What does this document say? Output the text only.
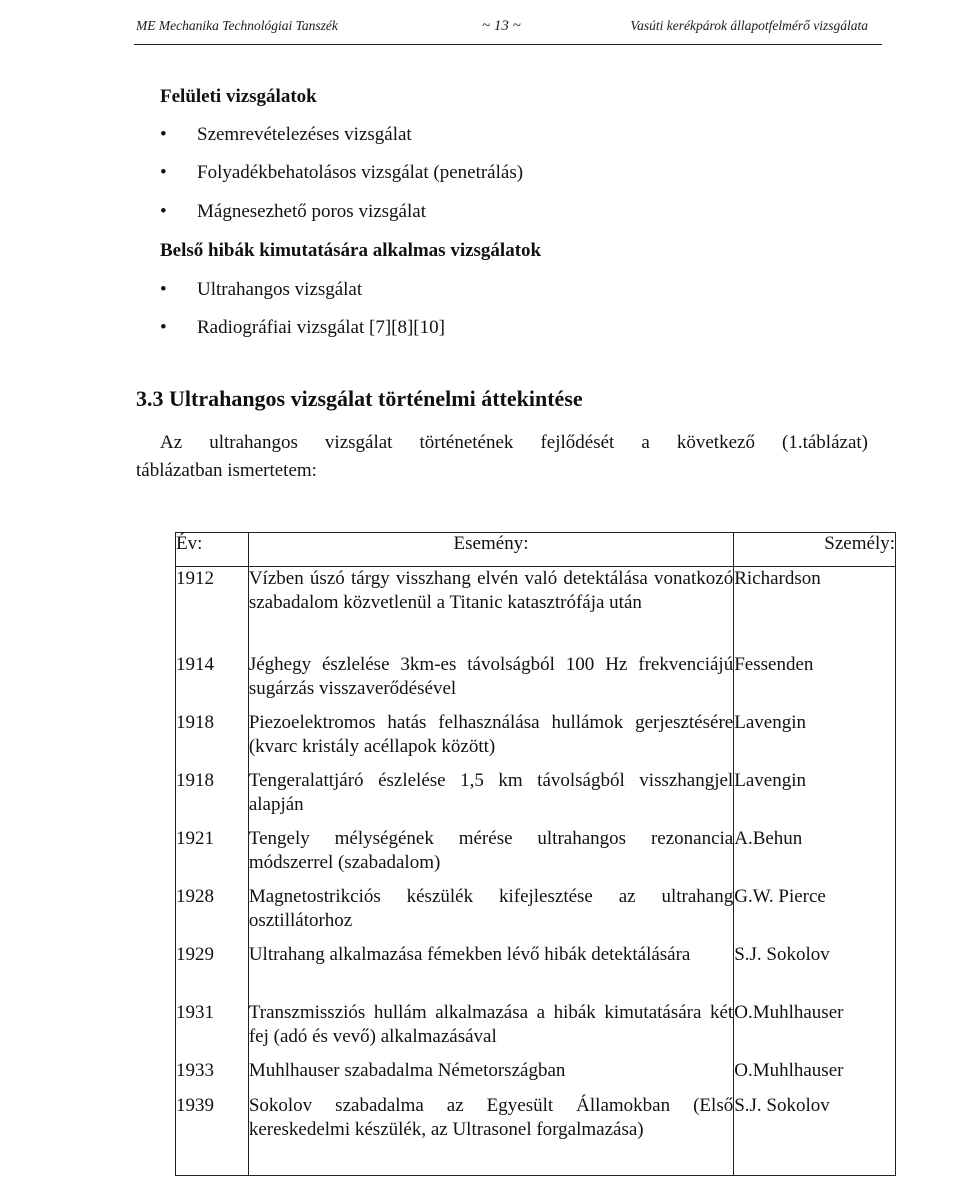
ME Mechanika Technológiai Tanszék	~ 13 ~	Vasúti kerékpárok állapotfelmérő vizsgálata
Felületi vizsgálatok
• Szemrevételezéses vizsgálat
• Folyadékbehatolásos vizsgálat (penetrálás)
• Mágnesezhető poros vizsgálat
Belső hibák kimutatására alkalmas vizsgálatok
• Ultrahangos vizsgálat
• Radiográfiai vizsgálat [7][8][10]
3.3 Ultrahangos vizsgálat történelmi áttekintése
Az ultrahangos vizsgálat történetének fejlődését a következő (1.táblázat)
táblázatban ismertetem:
Év:	Esemény:	Személy:
1912	Vízben úszó tárgy visszhang elvén való detektálása vonatkozó szabadalom közvetlenül a Titanic katasztrófája után	Richardson
1914	Jéghegy észlelése 3km-es távolságból 100 Hz frekvenciájú sugárzás visszaverődésével	Fessenden
1918	Piezoelektromos hatás felhasználása hullámok gerjesztésére (kvarc kristály acéllapok között)	Lavengin
1918	Tengeralattjáró észlelése 1,5 km távolságból visszhangjel alapján	Lavengin
1921	Tengely mélységének mérése ultrahangos rezonancia módszerrel (szabadalom)	A.Behun
1928	Magnetostrikciós készülék kifejlesztése az ultrahang osztillátorhoz	G.W. Pierce
1929	Ultrahang alkalmazása fémekben lévő hibák detektálására	S.J. Sokolov
1931	Transzmissziós hullám alkalmazása a hibák kimutatására két fej (adó és vevő) alkalmazásával	O.Muhlhauser
1933	Muhlhauser szabadalma Németországban	O.Muhlhauser
1939	Sokolov szabadalma az Egyesült Államokban (Első kereskedelmi készülék, az Ultrasonel forgalmazása)	S.J. Sokolov
